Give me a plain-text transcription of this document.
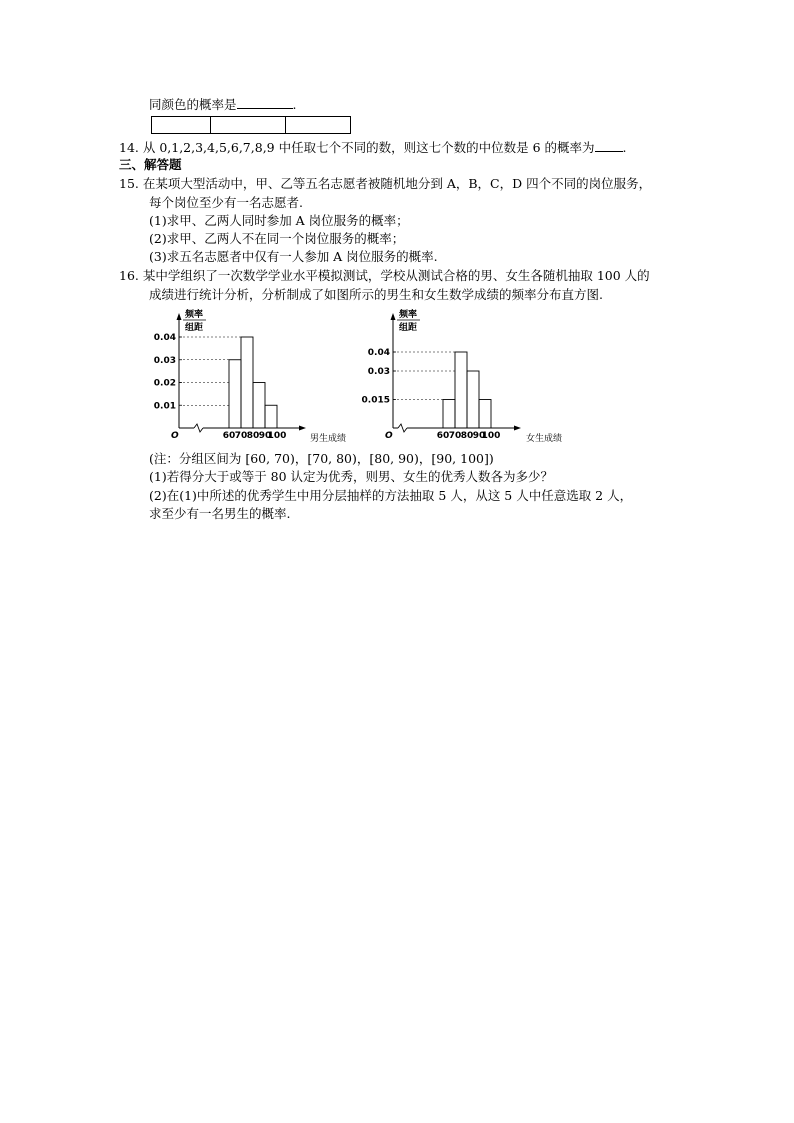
同颜色的概率是	.

14. 从 0,1,2,3,4,5,6,7,8,9 中任取七个不同的数，则这七个数的中位数是 6 的概率为 .
三、解答题
15. 在某项大型活动中，甲、乙等五名志愿者被随机地分到 A，B，C，D 四个不同的岗位服务，
每个岗位至少有一名志愿者.
(1)求甲、乙两人同时参加 A 岗位服务的概率；
(2)求甲、乙两人不在同一个岗位服务的概率；
(3)求五名志愿者中仅有一人参加 A 岗位服务的概率.
16. 某中学组织了一次数学学业水平模拟测试，学校从测试合格的男、女生各随机抽取 100 人的
成绩进行统计分析，分析制成了如图所示的男生和女生数学成绩的频率分布直方图.
频率
组距
O	男生成绩
0.04
0.03
0.02
0.01
60 70 80 90
100
频率
组距
O	女生成绩
0.04
0.03
0.015
60 70 80 90
100
(注：分组区间为 [60, 70)，[70, 80)，[80, 90)，[90, 100])
(1)若得分大于或等于 80 认定为优秀，则男、女生的优秀人数各为多少？
(2)在(1)中所述的优秀学生中用分层抽样的方法抽取 5 人，从这 5 人中任意选取 2 人，
求至少有一名男生的概率.
